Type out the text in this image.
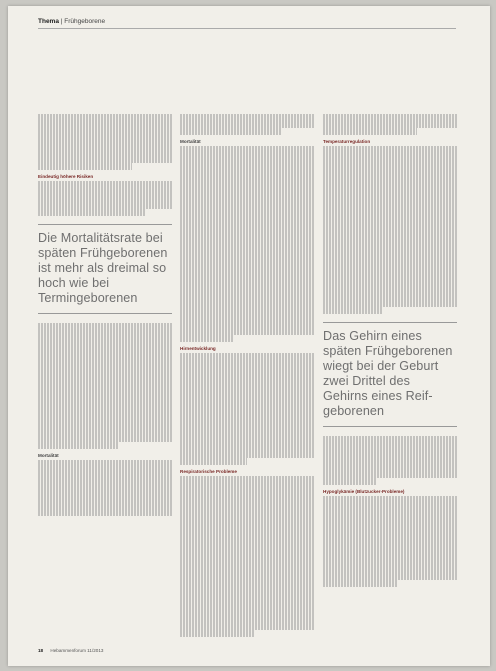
Thema | Frühgeborene
Eindeutig höhere Risiken
Die Mortalitätsrate bei späten Frühgeborenen ist mehr als dreimal so hoch wie bei Termingeborenen
Mortalität
Mortalität
Hirnentwicklung
Respiratorische Probleme
Temperaturregulation
Das Gehirn eines späten Frühgeborenen wiegt bei der Geburt zwei Drittel des Gehirns eines Reif-geborenen
Hypoglykämie (Blutzucker-Probleme)
18 Hebammenforum 11/2013
